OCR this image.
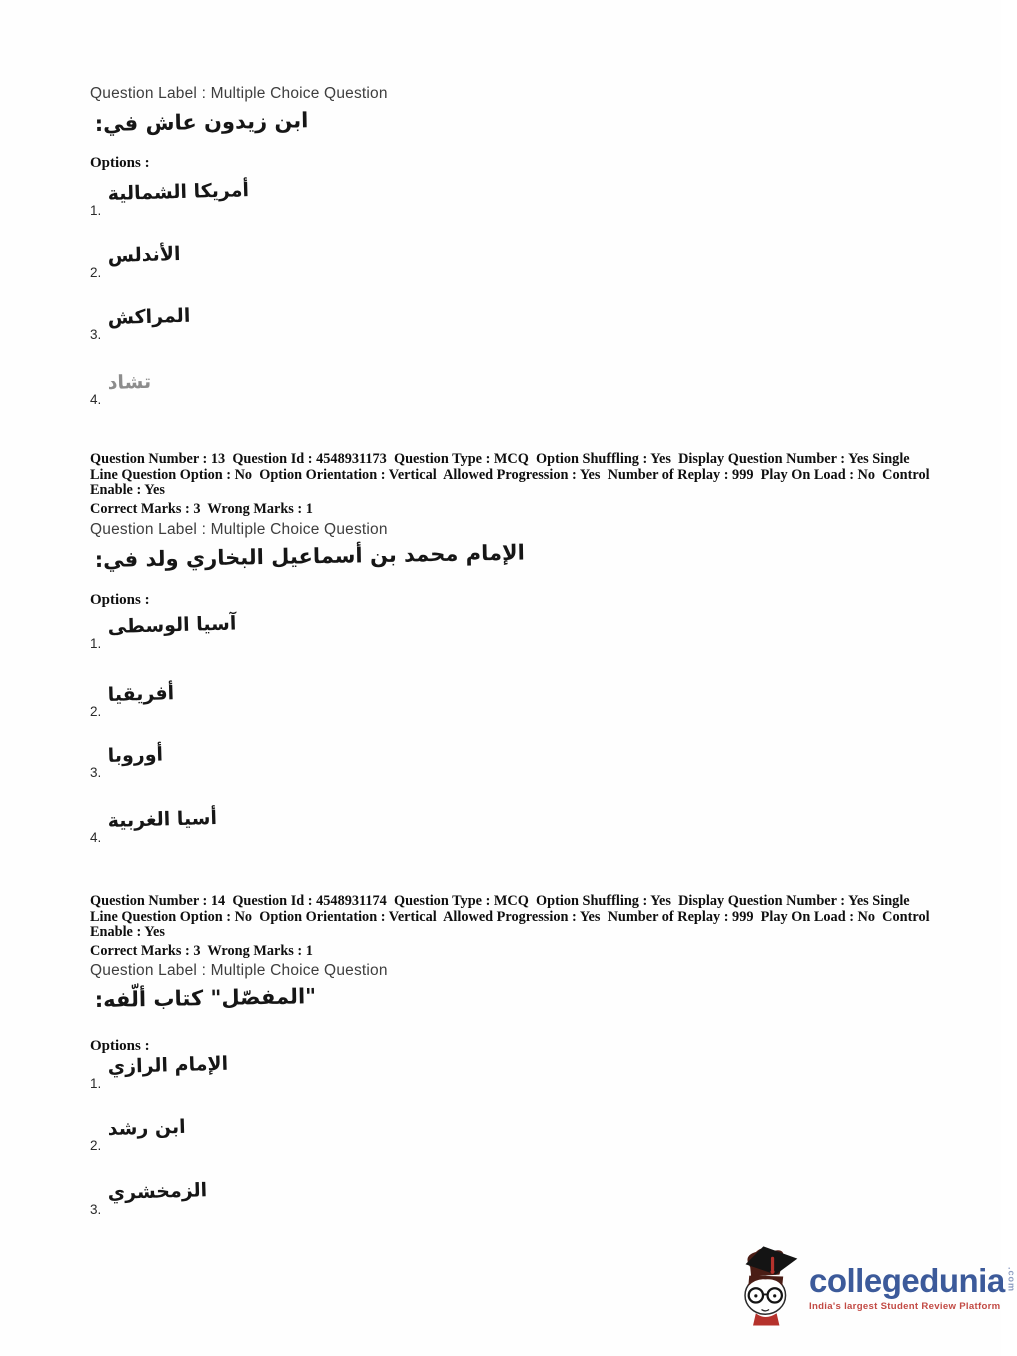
Question Label : Multiple Choice Question
ابن زيدون عاش في:
Options :
1.
أمريكا الشمالية
2.
الأندلس
3.
المراكش
4.
تشاد
Question Number : 13  Question Id : 4548931173  Question Type : MCQ  Option Shuffling : Yes  Display Question Number : Yes Single Line Question Option : No  Option Orientation : Vertical  Allowed Progression : Yes  Number of Replay : 999  Play On Load : No  Control Enable : Yes
Correct Marks : 3  Wrong Marks : 1
Question Label : Multiple Choice Question
الإمام محمد بن أسماعيل البخاري ولد في:
Options :
1.
آسيا الوسطى
2.
أفريقيا
3.
أوروبا
4.
أسيا الغربية
Question Number : 14  Question Id : 4548931174  Question Type : MCQ  Option Shuffling : Yes  Display Question Number : Yes Single Line Question Option : No  Option Orientation : Vertical  Allowed Progression : Yes  Number of Replay : 999  Play On Load : No  Control Enable : Yes
Correct Marks : 3  Wrong Marks : 1
Question Label : Multiple Choice Question
"المفصّل" كتاب ألّفه:
Options :
1.
الإمام الرازي
2.
ابن رشد
3.
الزمخشري
collegedunia .com
India's largest Student Review Platform
